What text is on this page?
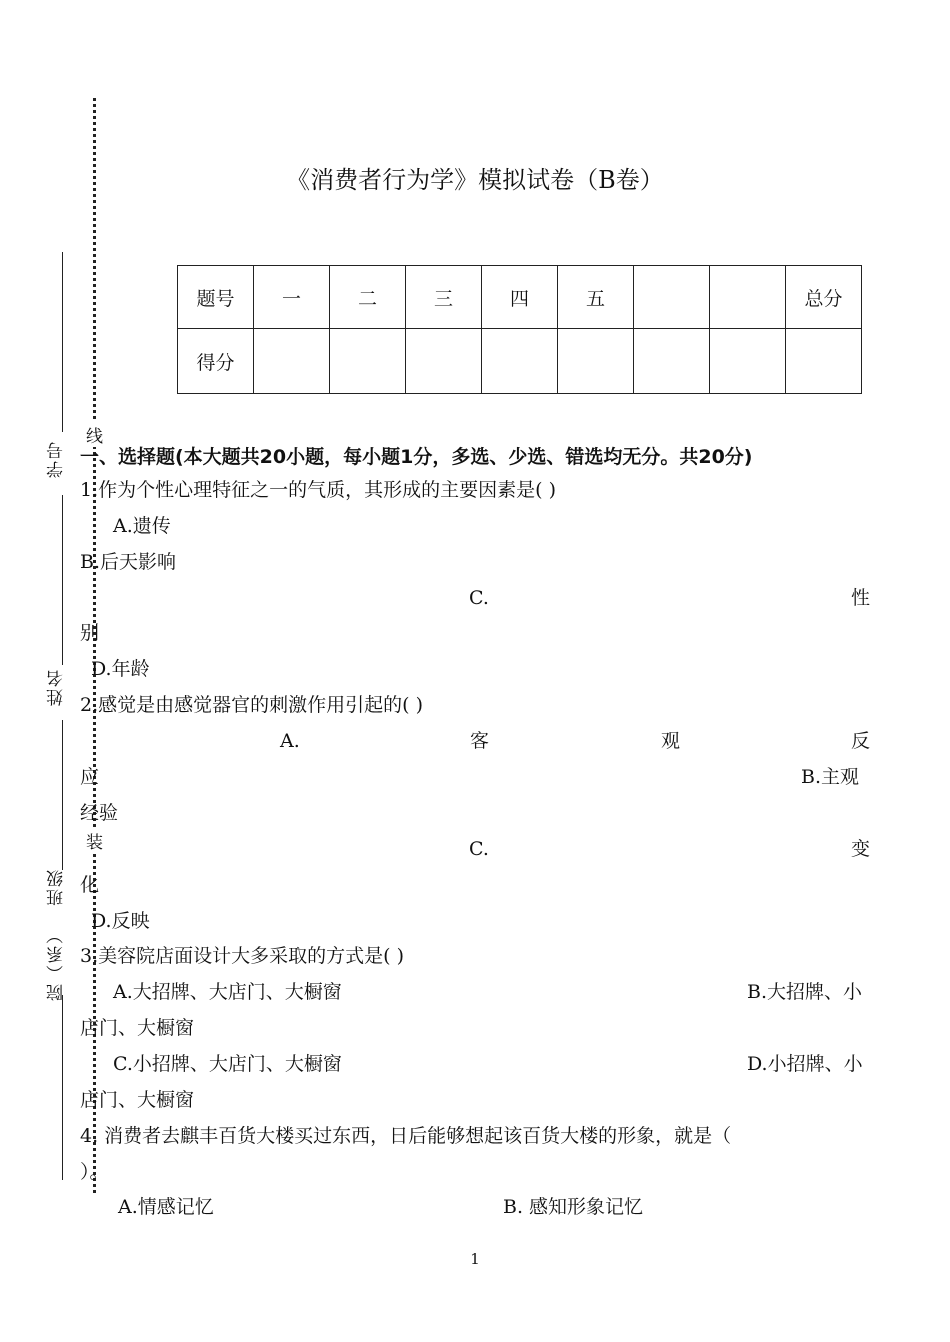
学号
姓名
班级
院（系）
线
装
《消费者行为学》模拟试卷（B卷）
题号	一	二	三	四	五			总分
得分								
一、选择题(本大题共20小题，每小题1分，多选、少选、错选均无分。共20分)
1.作为个性心理特征之一的气质，其形成的主要因素是( )
A.遗传
B.后天影响
C.	性
别
D.年龄
2.感觉是由感觉器官的刺激作用引起的( )
A.	客	观	反
应	B.主观
经验
C.	变
化
D.反映
3.美容院店面设计大多采取的方式是( )
A.大招牌、大店门、大橱窗	B.大招牌、小
店门、大橱窗
C.小招牌、大店门、大橱窗	D.小招牌、小
店门、大橱窗
4. 消费者去麒丰百货大楼买过东西，日后能够想起该百货大楼的形象，就是（
）。
A.情感记忆	B. 感知形象记忆
1
